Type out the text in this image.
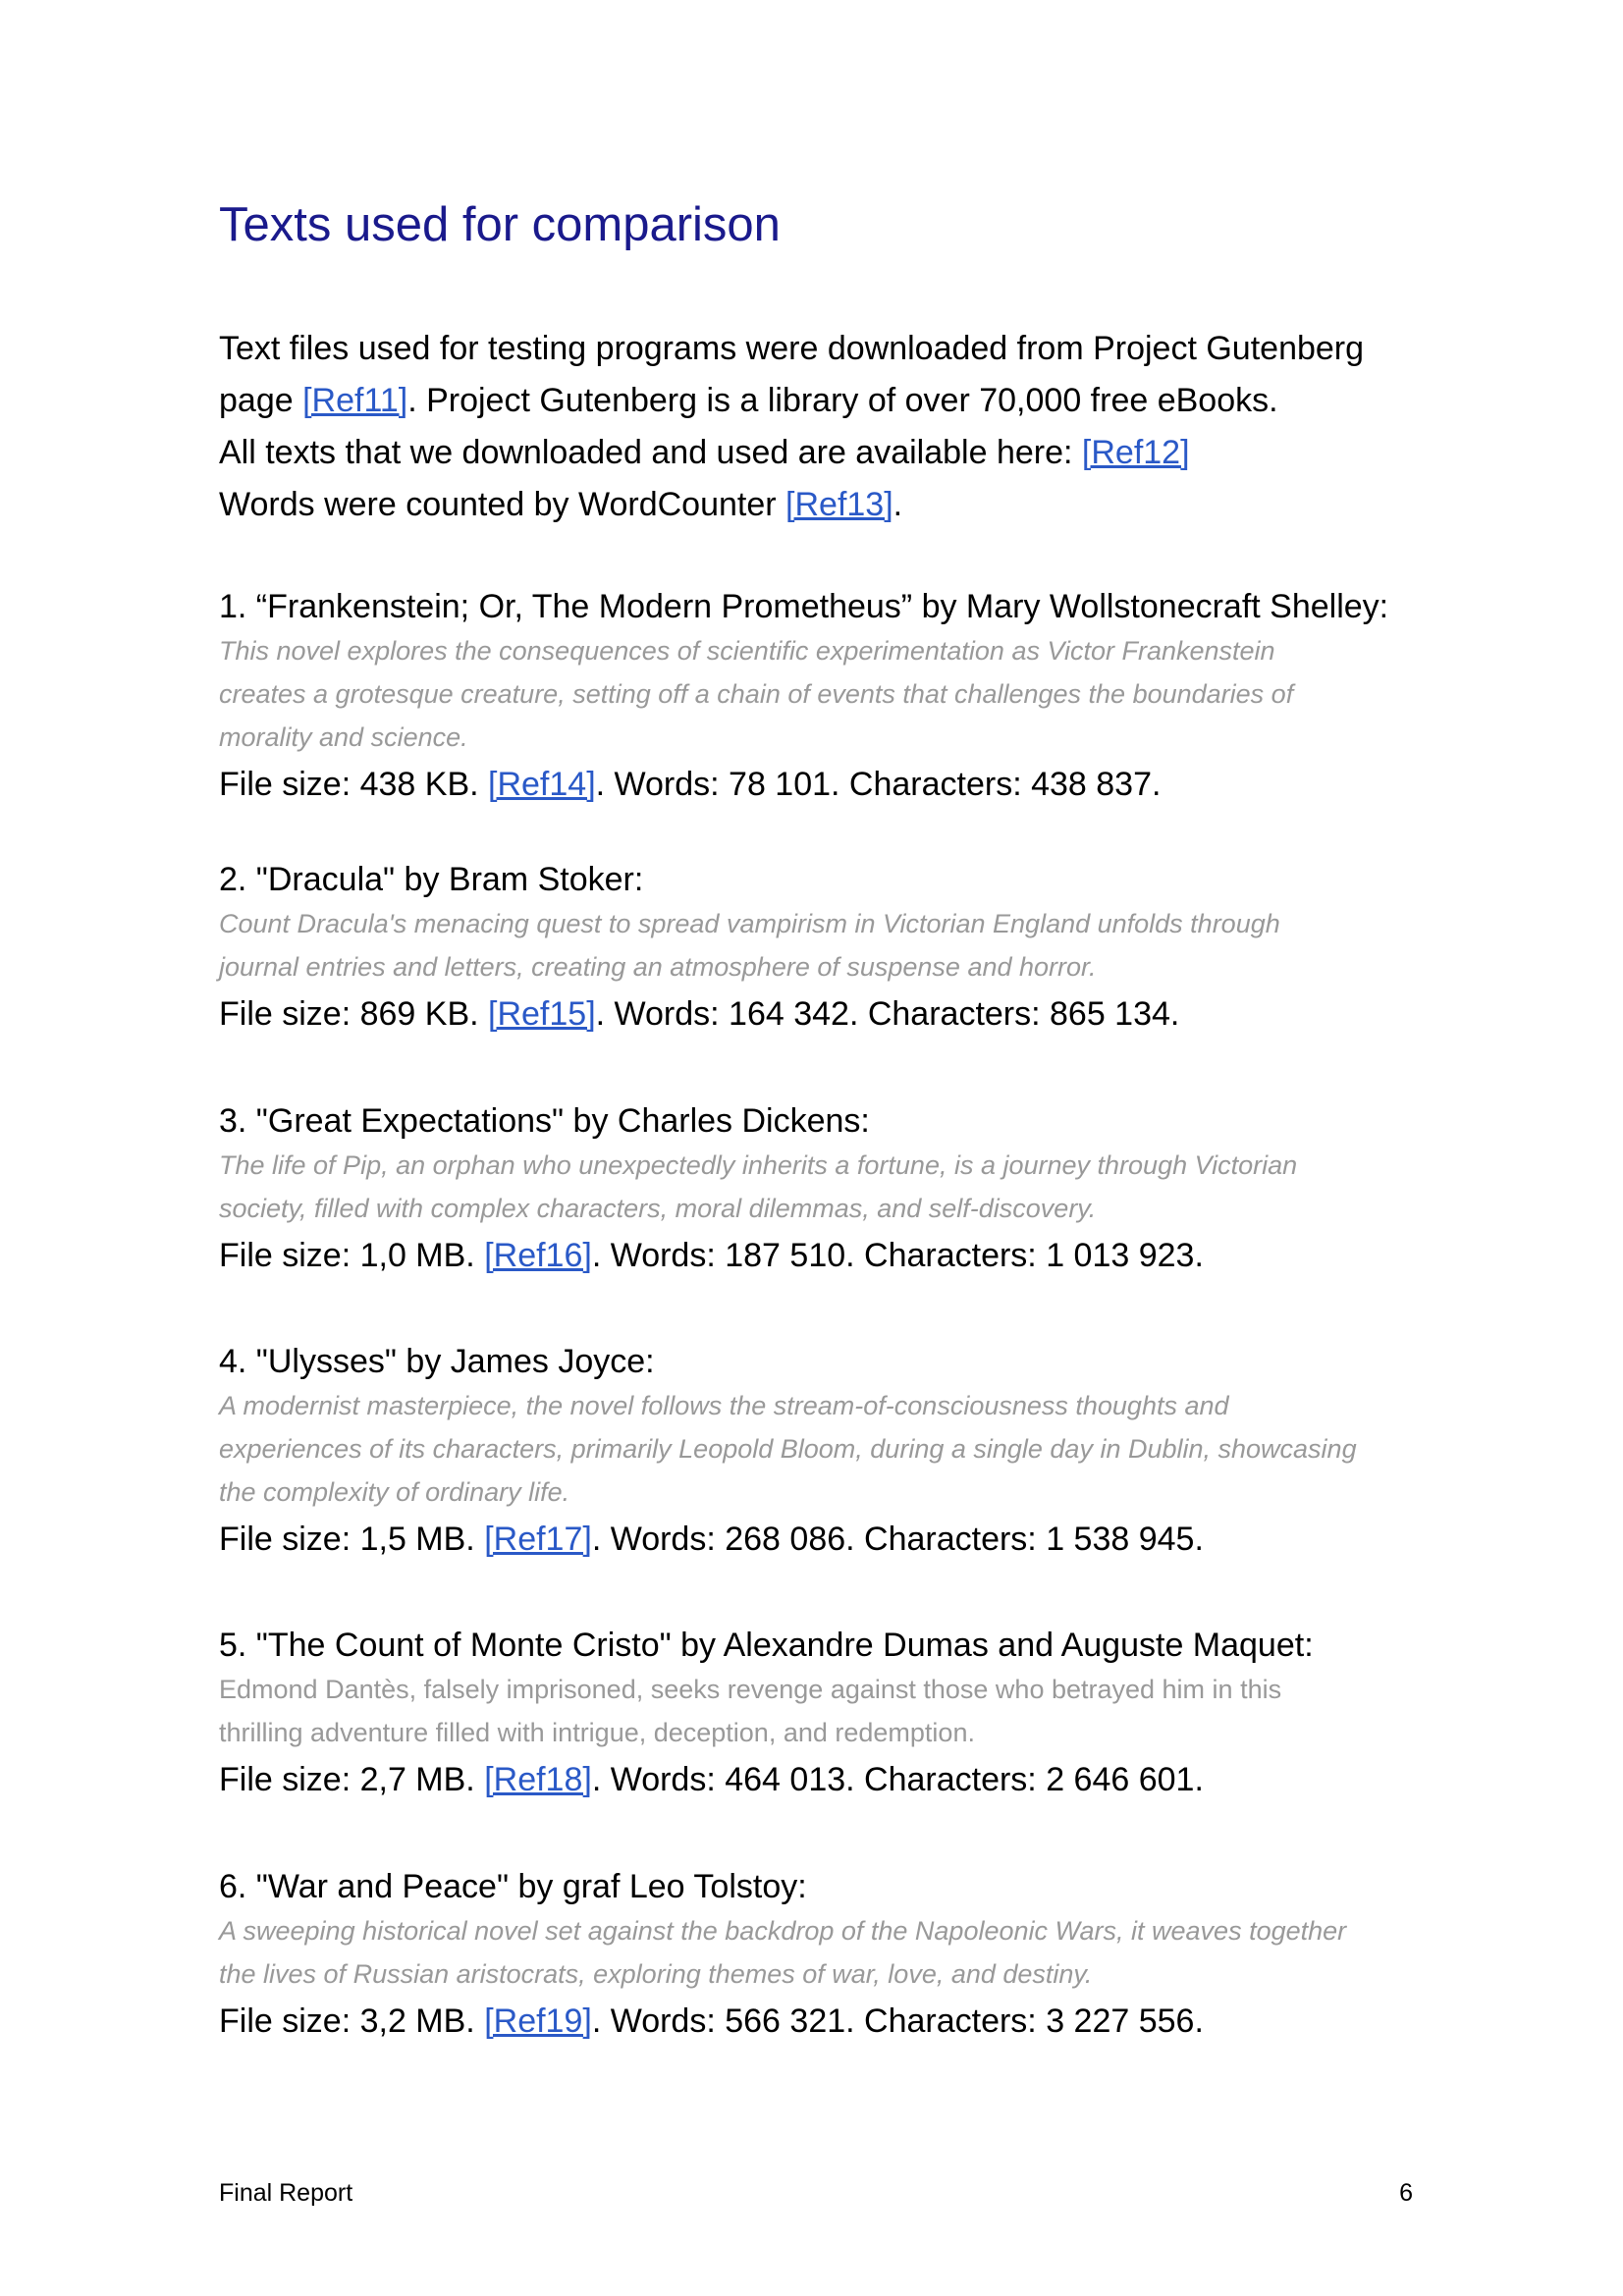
Texts used for comparison
Text files used for testing programs were downloaded from Project Gutenberg
page [Ref11]. Project Gutenberg is a library of over 70,000 free eBooks.
All texts that we downloaded and used are available here: [Ref12]
Words were counted by WordCounter [Ref13].

1. “Frankenstein; Or, The Modern Prometheus” by Mary Wollstonecraft Shelley:

This novel explores the consequences of scientific experimentation as Victor Frankenstein
creates a grotesque creature, setting off a chain of events that challenges the boundaries of
morality and science.

File size: 438 KB. [Ref14]. Words: 78 101. Characters: 438 837.

2. "Dracula" by Bram Stoker:

Count Dracula's menacing quest to spread vampirism in Victorian England unfolds through
journal entries and letters, creating an atmosphere of suspense and horror.

File size: 869 KB. [Ref15]. Words: 164 342. Characters: 865 134.

3. "Great Expectations" by Charles Dickens:

The life of Pip, an orphan who unexpectedly inherits a fortune, is a journey through Victorian
society, filled with complex characters, moral dilemmas, and self-discovery.

File size: 1,0 MB. [Ref16]. Words: 187 510. Characters: 1 013 923.

4. "Ulysses" by James Joyce:

A modernist masterpiece, the novel follows the stream-of-consciousness thoughts and
experiences of its characters, primarily Leopold Bloom, during a single day in Dublin, showcasing
the complexity of ordinary life.

File size: 1,5 MB. [Ref17]. Words: 268 086. Characters: 1 538 945.

5. "The Count of Monte Cristo" by Alexandre Dumas and Auguste Maquet:

Edmond Dantès, falsely imprisoned, seeks revenge against those who betrayed him in this
thrilling adventure filled with intrigue, deception, and redemption.

File size: 2,7 MB. [Ref18]. Words: 464 013. Characters: 2 646 601.

6. "War and Peace" by graf Leo Tolstoy:

A sweeping historical novel set against the backdrop of the Napoleonic Wars, it weaves together
the lives of Russian aristocrats, exploring themes of war, love, and destiny.

File size: 3,2 MB. [Ref19]. Words: 566 321. Characters: 3 227 556.

Final Report	6
